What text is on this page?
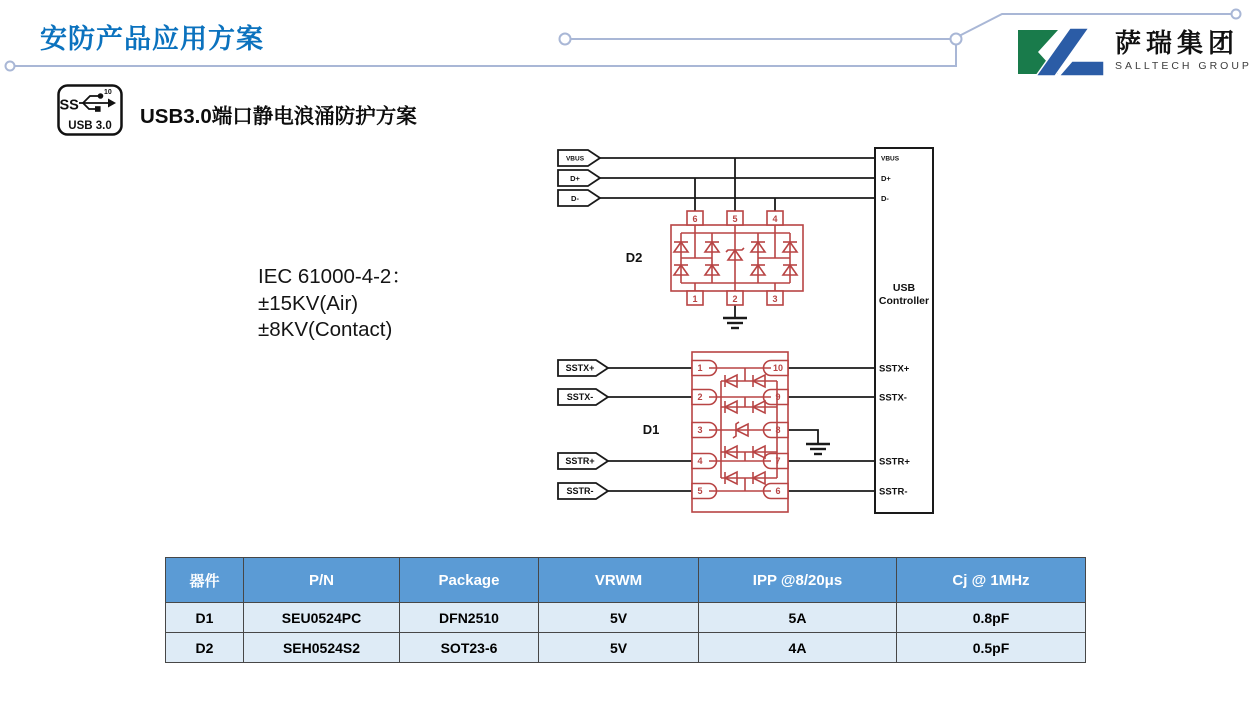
安防产品应用方案	萨瑞集团
SALLTECH GROUP
SS
10
USB 3.0 USB3.0端口静电浪涌防护方案
IEC 61000-4-2：
±15KV(Air)
±8KV(Contact)
VBUS
D+
D-
SSTX+
SSTX-
SSTR+
SSTR-
6	5	4
1	2	3
D2
1
2
3
4
5
10
9
8
7
6
D1
VBUS
D+
D-
USB
Controller
SSTX+
SSTX-
SSTR+
SSTR-
器件	P/N	Package	VRWM	IPP @8/20μs	Cj @ 1MHz
D1	SEU0524PC	DFN2510	5V	5A	0.8pF
D2	SEH0524S2	SOT23-6	5V	4A	0.5pF
